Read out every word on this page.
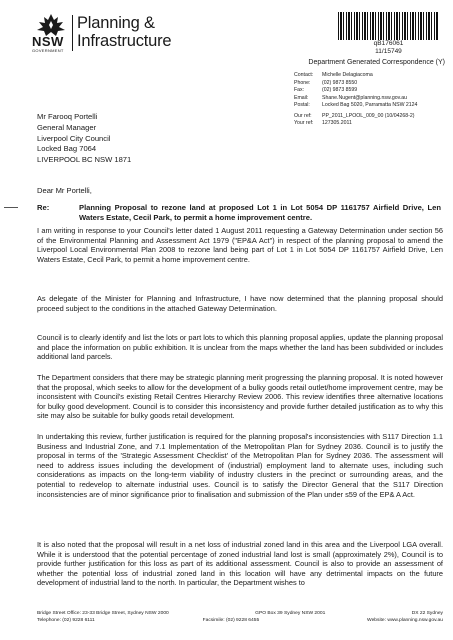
NSW
GOVERNMENT
Planning &
Infrastructure	qB176061
11/15749
Department Generated Correspondence (Y)
Contact:	Michelle Delagiacoma
Phone:	(02) 9873 8550
Fax:	(02) 9873 8599
Email:	Shane.Nugent@planning.nsw.gov.au
Postal:	Locked Bag 5020, Parramatta NSW 2124
Our ref:	PP_2011_LPOOL_009_00 (10/04268-2)
Your ref:	127305.2011
Mr Farooq Portelli
General Manager
Liverpool City Council
Locked Bag 7064
LIVERPOOL BC NSW 1871
Dear Mr Portelli,
Re:	Planning Proposal to rezone land at proposed Lot 1 in Lot 5054 DP 1161757 Airfield Drive, Len Waters Estate, Cecil Park, to permit a home improvement centre.
I am writing in response to your Council's letter dated 1 August 2011 requesting a Gateway Determination under section 56 of the Environmental Planning and Assessment Act 1979 ("EP&A Act") in respect of the planning proposal to amend the Liverpool Local Environmental Plan 2008 to rezone land being part of Lot 1 in Lot 5054 DP 1161757 Airfield Drive, Len Waters Estate, Cecil Park, to permit a home improvement centre.
As delegate of the Minister for Planning and Infrastructure, I have now determined that the planning proposal should proceed subject to the conditions in the attached Gateway Determination.
Council is to clearly identify and list the lots or part lots to which this planning proposal applies, update the planning proposal and place the information on public exhibition. It is unclear from the maps whether the land has been subdivided or includes additional land parcels.
The Department considers that there may be strategic planning merit progressing the planning proposal. It is noted however that the proposal, which seeks to allow for the development of a bulky goods retail outlet/home improvement centre, may be inconsistent with Council's existing Retail Centres Hierarchy Review 2006. This review identifies three alternative locations for bulky good development. Council is to consider this inconsistency and provide further detailed justification as to why this site may also be suitable for bulky goods retail development.
In undertaking this review, further justification is required for the planning proposal's inconsistencies with S117 Direction 1.1 Business and Industrial Zone, and 7.1 Implementation of the Metropolitan Plan for Sydney 2036. Council is to justify the proposal in terms of the 'Strategic Assessment Checklist' of the Metropolitan Plan for Sydney 2036. The assessment will need to address issues including the development of (industrial) employment land to alternate uses, including such considerations as impacts on the long-term viability of industry clusters in the precinct or surrounding areas, and the potential to redevelop to alternate industrial uses. Council is to satisfy the Director General that the S117 Direction inconsistencies are of minor significance prior to finalisation and submission of the Plan under s59 of the EP& A Act.
It is also noted that the proposal will result in a net loss of industrial zoned land in this area and the Liverpool LGA overall. While it is understood that the potential percentage of zoned industrial land lost is small (approximately 2%), Council is to provide further justification for this loss as part of its additional assessment. Council is also to provide an assessment of whether the potential loss of industrial zoned land in this location will have any detrimental impacts on the future development of industrial land to the north. In particular, the Department wishes to
Bridge Street Office: 23-33 Bridge Street, Sydney NSW 2000	GPO Box 39 Sydney NSW 2001	DX 22 Sydney
Telephone: (02) 9228 6111	Facsimile: (02) 9228 6455	Website: www.planning.nsw.gov.au
